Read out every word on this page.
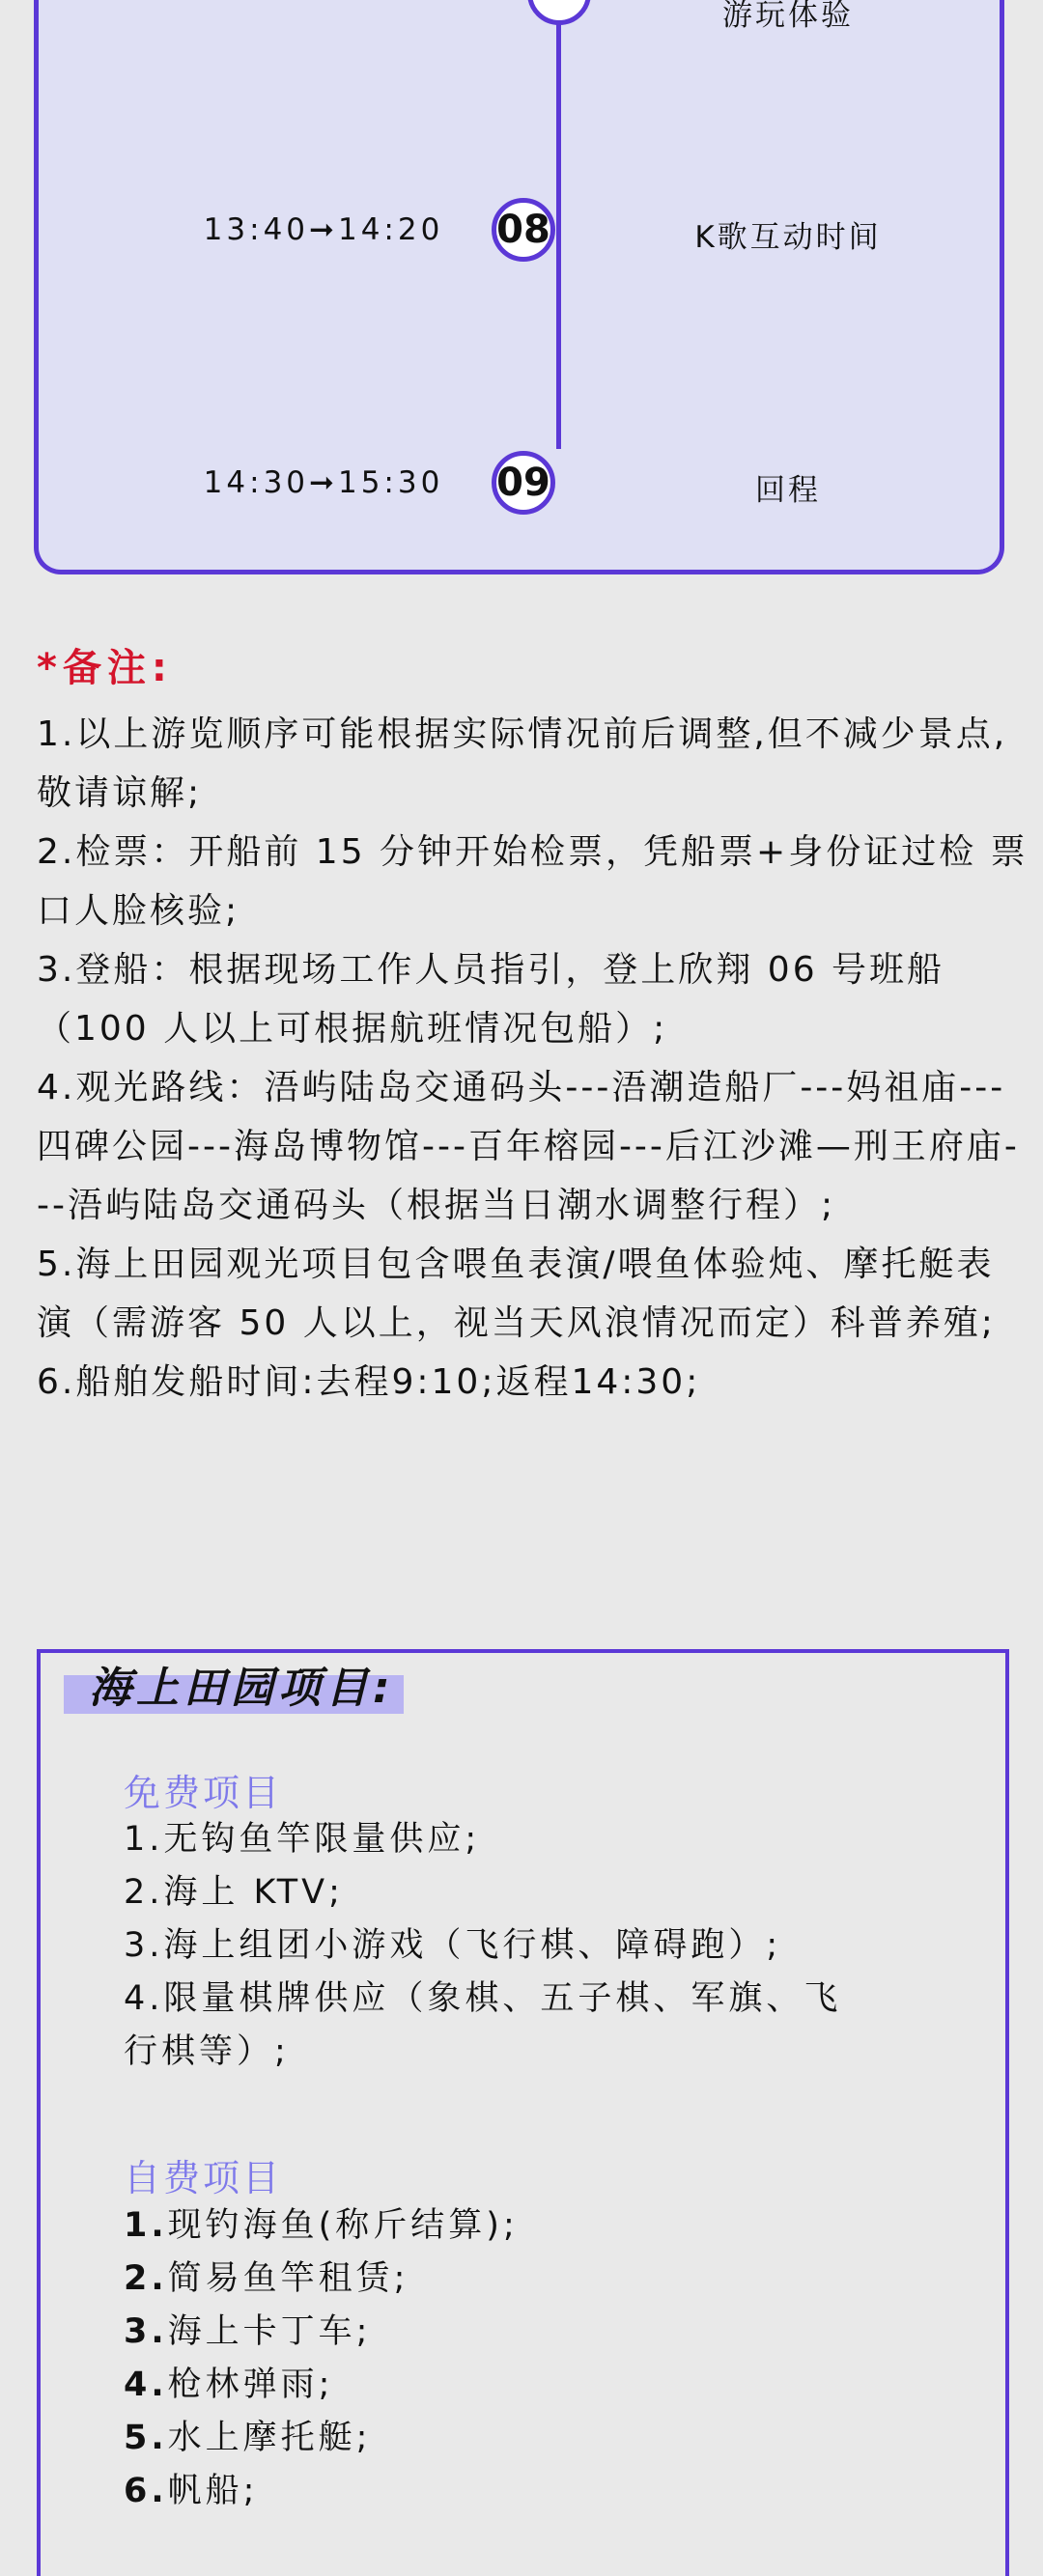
游玩体验
13:40➞14:20	08	K歌互动时间
14:30➞15:30	09	回程
*备注:

1.以上游览顺序可能根据实际情况前后调整,但不减少景点,敬请谅解;

2.检票：开船前 15 分钟开始检票，凭船票+身份证过检 票口人脸核验;

3.登船：根据现场工作人员指引，登上欣翔 06 号班船（100 人以上可根据航班情况包船）;

4.观光路线：浯屿陆岛交通码头---浯潮造船厂---妈祖庙---四碑公园---海岛博物馆---百年榕园---后江沙滩—刑王府庙---浯屿陆岛交通码头（根据当日潮水调整行程）;

5.海上田园观光项目包含喂鱼表演/喂鱼体验炖、摩托艇表演（需游客 50 人以上，视当天风浪情况而定）科普养殖;

6.船舶发船时间:去程9:10;返程14:30;

海上田园项目:
免费项目

1.无钩鱼竿限量供应;

2.海上 KTV;

3.海上组团小游戏（飞行棋、障碍跑）;

4.限量棋牌供应（象棋、五子棋、军旗、飞行棋等）;

自费项目

1.现钓海鱼(称斤结算);

2.简易鱼竿租赁;

3.海上卡丁车;

4.枪林弹雨;

5.水上摩托艇;

6.帆船;
